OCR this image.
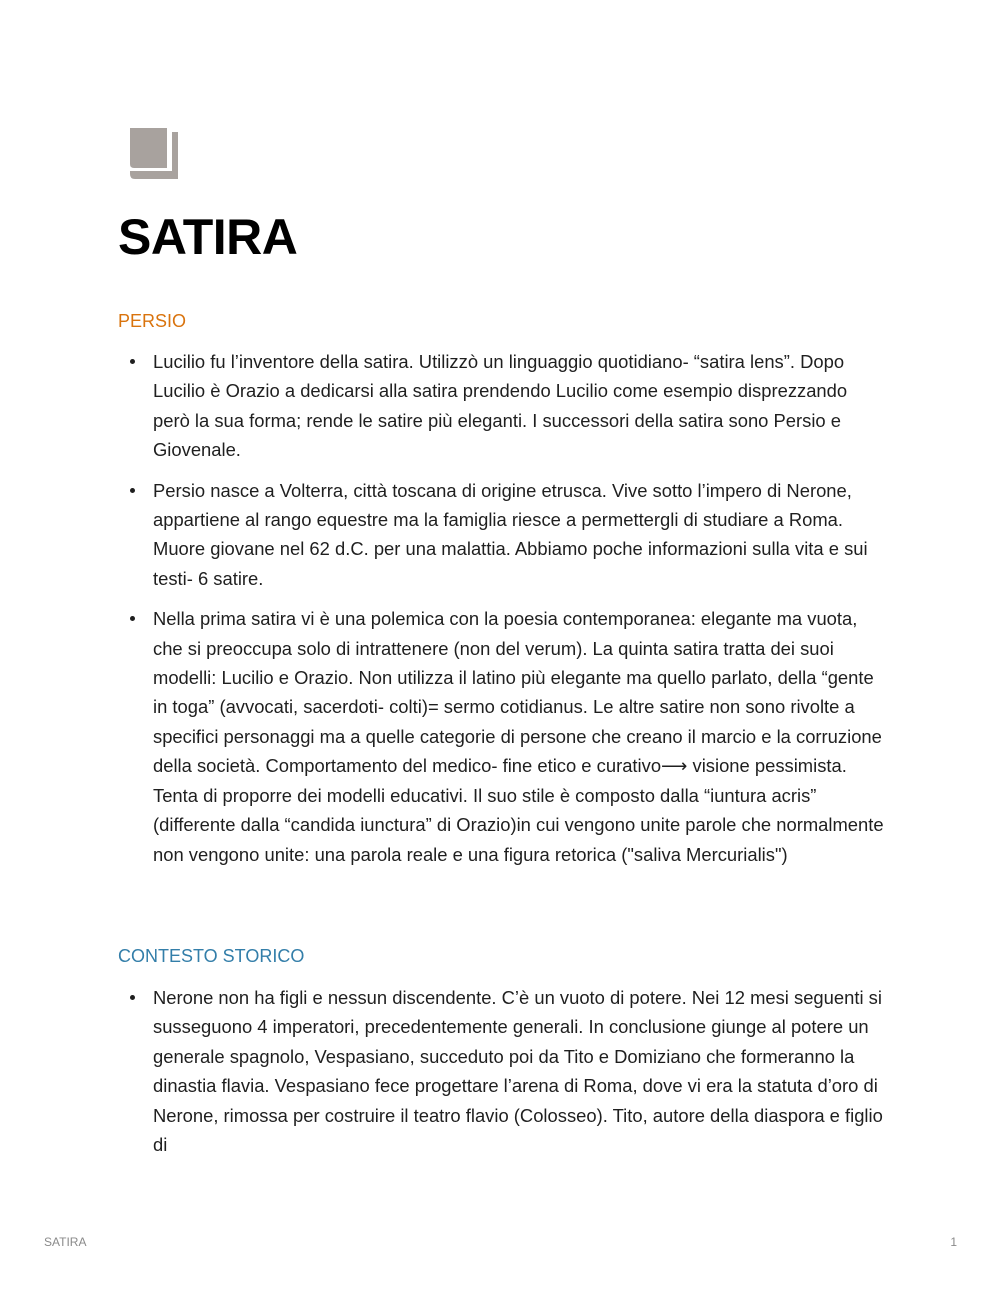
SATIRA
PERSIO
Lucilio fu l’inventore della satira. Utilizzò un linguaggio quotidiano- “satira lens”. Dopo Lucilio è Orazio a dedicarsi alla satira prendendo Lucilio come esempio disprezzando però la sua forma; rende le satire più eleganti. I successori della satira sono Persio e Giovenale.
Persio nasce a Volterra, città toscana di origine etrusca. Vive sotto l’impero di Nerone, appartiene al rango equestre ma la famiglia riesce a permettergli di studiare a Roma. Muore giovane nel 62 d.C. per una malattia. Abbiamo poche informazioni sulla vita e sui testi- 6 satire.
Nella prima satira vi è una polemica con la poesia contemporanea: elegante ma vuota, che si preoccupa solo di intrattenere (non del verum). La quinta satira tratta dei suoi modelli: Lucilio e Orazio. Non utilizza il latino più elegante ma quello parlato, della “gente in toga” (avvocati, sacerdoti- colti)= sermo cotidianus. Le altre satire non sono rivolte a specifici personaggi ma a quelle categorie di persone che creano il marcio e la corruzione della società. Comportamento del medico- fine etico e curativo⟶ visione pessimista. Tenta di proporre dei modelli educativi. Il suo stile è composto dalla “iuntura acris” (differente dalla “candida iunctura” di Orazio)in cui vengono unite parole che normalmente non vengono unite: una parola reale e una figura retorica ("saliva Mercurialis")
CONTESTO STORICO
Nerone non ha figli e nessun discendente. C’è un vuoto di potere. Nei 12 mesi seguenti si susseguono 4 imperatori, precedentemente generali. In conclusione giunge al potere un generale spagnolo, Vespasiano, succeduto poi da Tito e Domiziano che formeranno la dinastia flavia. Vespasiano fece progettare l’arena di Roma, dove vi era la statuta d’oro di Nerone, rimossa per costruire il teatro flavio (Colosseo). Tito, autore della diaspora e figlio di
SATIRA	1
